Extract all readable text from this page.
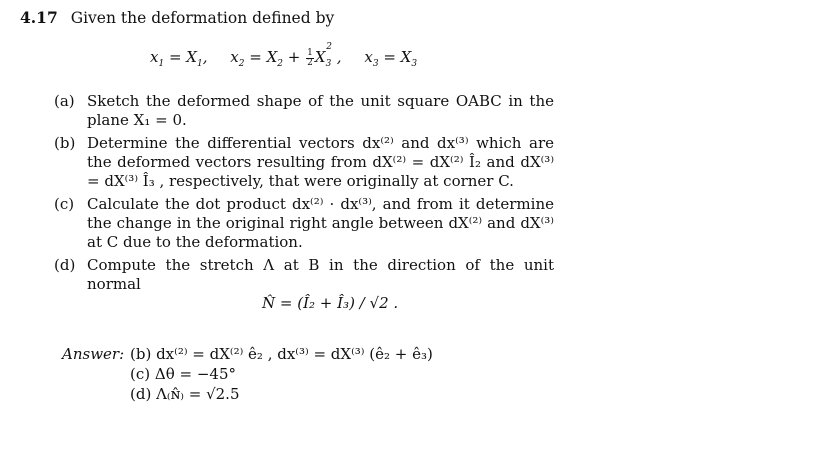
4.17 Given the deformation defined by
$x_1 = X_1$, $x_2 = X_2 + \frac{1}{2} X_3^2$ , $x_3 = X_3$
(a) Sketch the deformed shape of the unit square OABC in the plane X₁ = 0.
(b) Determine the differential vectors dx⁽²⁾ and dx⁽³⁾ which are the deformed vectors resulting from dX⁽²⁾ = dX⁽²⁾ Î₂ and dX⁽³⁾ = dX⁽³⁾ Î₃ , respectively, that were originally at corner C.
(c) Calculate the dot product dx⁽²⁾ · dx⁽³⁾, and from it determine the change in the original right angle between dX⁽²⁾ and dX⁽³⁾ at C due to the deformation.
(d) Compute the stretch Λ at B in the direction of the unit normal
N̂ = (Î₂ + Î₃) / √2 .
Answer: (b) dx⁽²⁾ = dX⁽²⁾ ê₂ , dx⁽³⁾ = dX⁽³⁾ (ê₂ + ê₃)
(c) Δθ = −45°
(d) Λ₍ɴ̂₎ = √2.5
